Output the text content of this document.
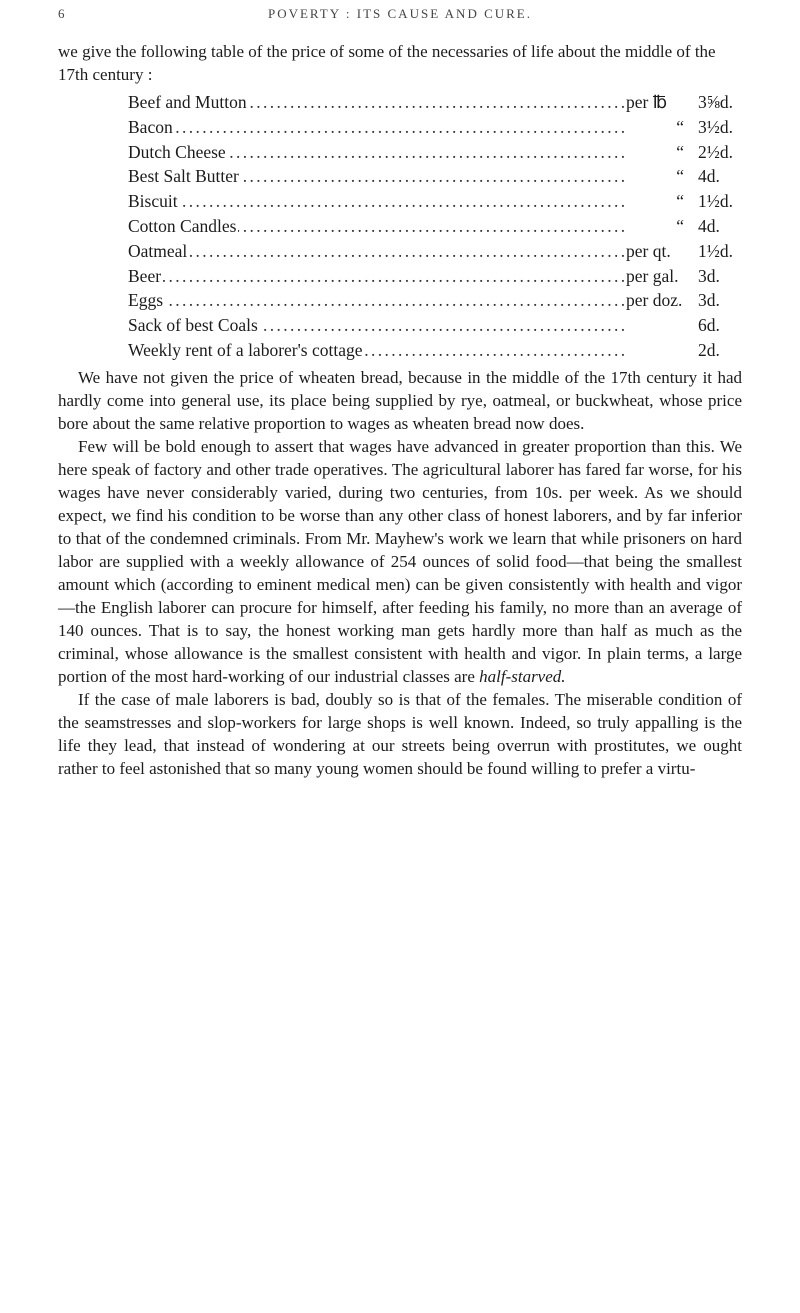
6	POVERTY : ITS CAUSE AND CURE.

we give the following table of the price of some of the necessaries of life about the middle of the 17th century :

Beef and Mutton . . .	per ℔	3⅝d.
Bacon . . .	“ 3½d.
Dutch Cheese . . .	“ 2½d.
Best Salt Butter . . .	“ 4d.
Biscuit . . .	“ 1½d.
Cotton Candles . . .	“ 4d.
Oatmeal . . .	per qt.	1½d.
Beer . . .	per gal.	3d.
Eggs . . .	per doz. 3d.
Sack of best Coals . . .	6d.
Weekly rent of a laborer's cottage . . .	2d.

We have not given the price of wheaten bread, because in the middle of the 17th century it had hardly come into general use, its place being supplied by rye, oatmeal, or buckwheat, whose price bore about the same relative proportion to wages as wheaten bread now does.

Few will be bold enough to assert that wages have advanced in greater proportion than this. We here speak of factory and other trade operatives. The agricultural laborer has fared far worse, for his wages have never considerably varied, during two centuries, from 10s. per week. As we should expect, we find his condition to be worse than any other class of honest laborers, and by far inferior to that of the condemned criminals. From Mr. Mayhew's work we learn that while prisoners on hard labor are supplied with a weekly allowance of 254 ounces of solid food—that being the smallest amount which (according to eminent medical men) can be given consistently with health and vigor—the English laborer can procure for himself, after feeding his family, no more than an average of 140 ounces. That is to say, the honest working man gets hardly more than half as much as the criminal, whose allowance is the smallest consistent with health and vigor. In plain terms, a large portion of the most hard-working of our industrial classes are half-starved.

If the case of male laborers is bad, doubly so is that of the females. The miserable condition of the seamstresses and slop-workers for large shops is well known. Indeed, so truly appalling is the life they lead, that instead of wondering at our streets being overrun with prostitutes, we ought rather to feel astonished that so many young women should be found willing to prefer a virtu-
